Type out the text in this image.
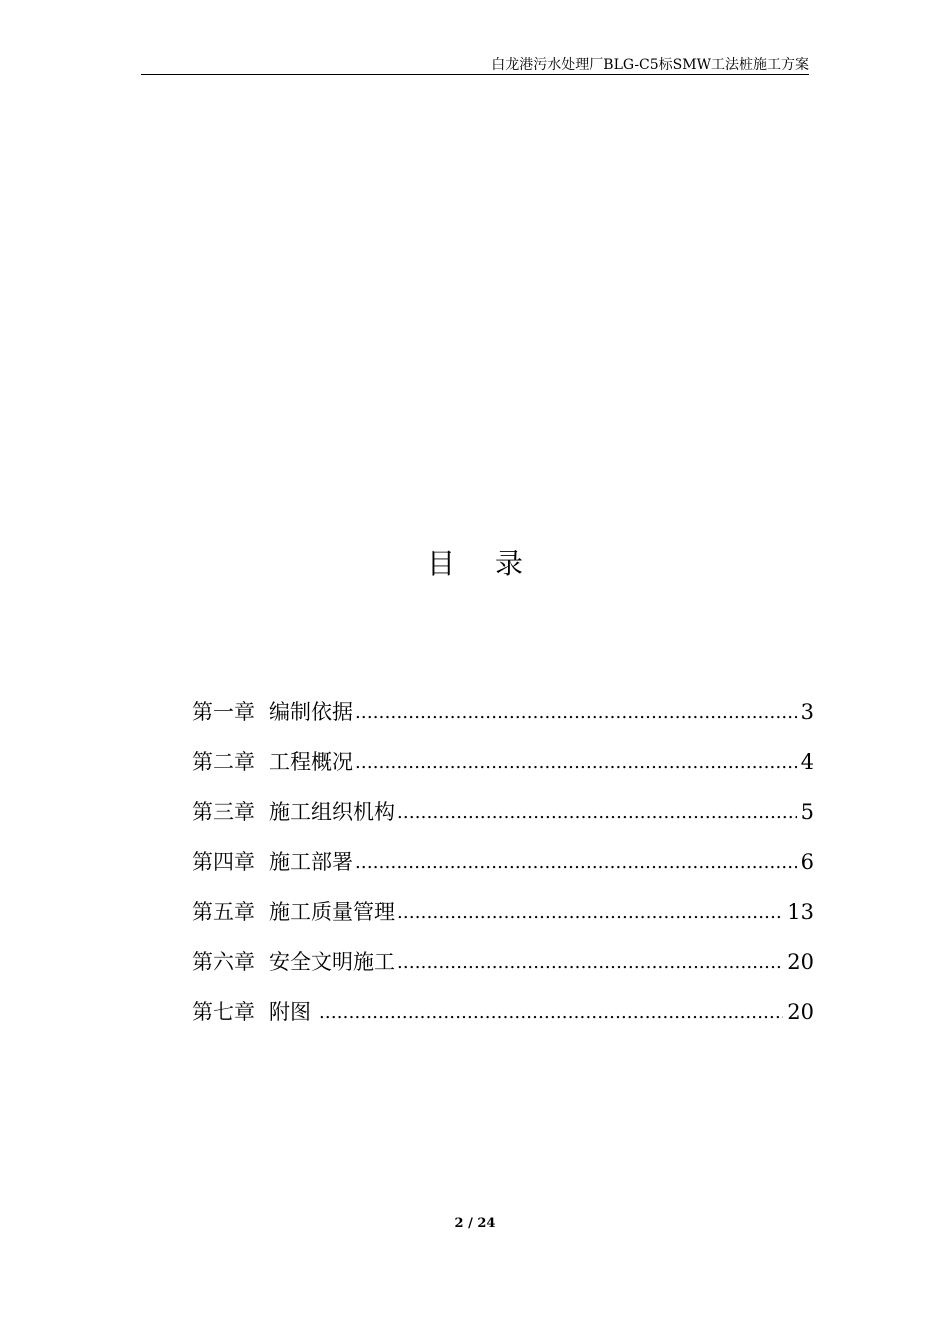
白龙港污水处理厂BLG-C5标SMW工法桩施工方案
目 录
第一章 编制依据 .....	3
第二章 工程概况 .....	4
第三章 施工组织机构 .....	5
第四章 施工部署 .....	6
第五章 施工质量管理 .....	13
第六章 安全文明施工 .....	20
第七章 附图 .....	20
2 / 24
